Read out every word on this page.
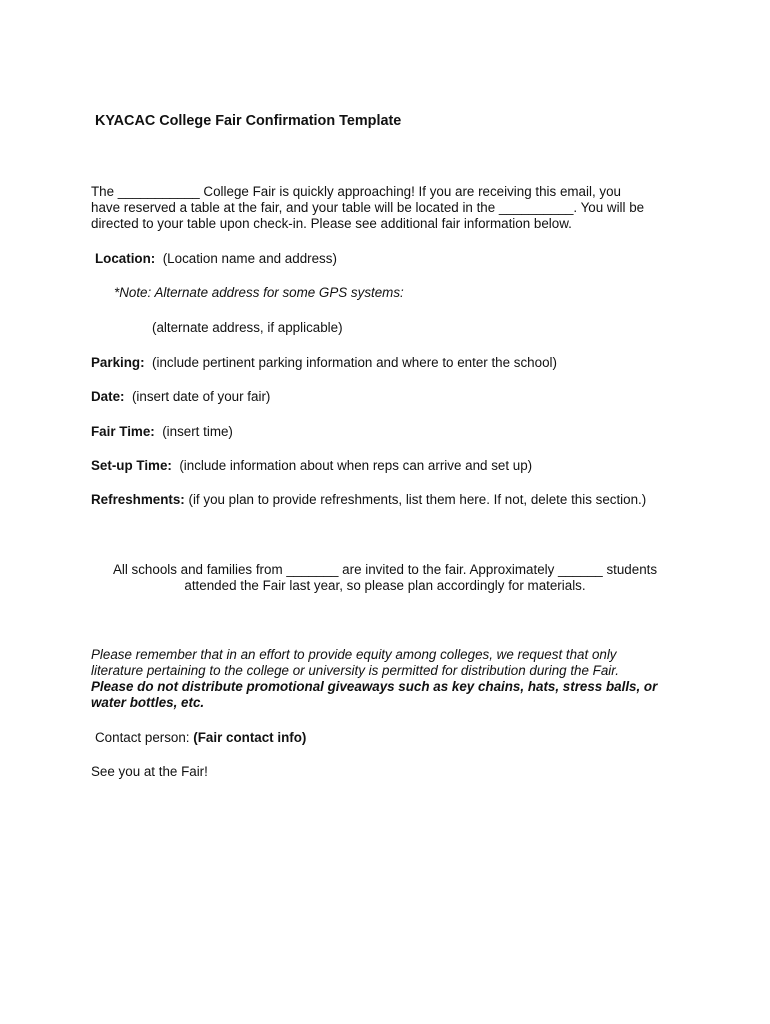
KYACAC College Fair Confirmation Template
The ___________ College Fair is quickly approaching! If you are receiving this email, you
have reserved a table at the fair, and your table will be located in the __________. You will be
directed to your table upon check-in. Please see additional fair information below.
Location: (Location name and address)
*Note: Alternate address for some GPS systems:
(alternate address, if applicable)
Parking: (include pertinent parking information and where to enter the school)
Date: (insert date of your fair)
Fair Time: (insert time)
Set-up Time: (include information about when reps can arrive and set up)
Refreshments: (if you plan to provide refreshments, list them here. If not, delete this section.)
All schools and families from _______ are invited to the fair. Approximately ______ students
attended the Fair last year, so please plan accordingly for materials.
Please remember that in an effort to provide equity among colleges, we request that only
literature pertaining to the college or university is permitted for distribution during the Fair.
Please do not distribute promotional giveaways such as key chains, hats, stress balls, or
water bottles, etc.
Contact person: (Fair contact info)
See you at the Fair!
